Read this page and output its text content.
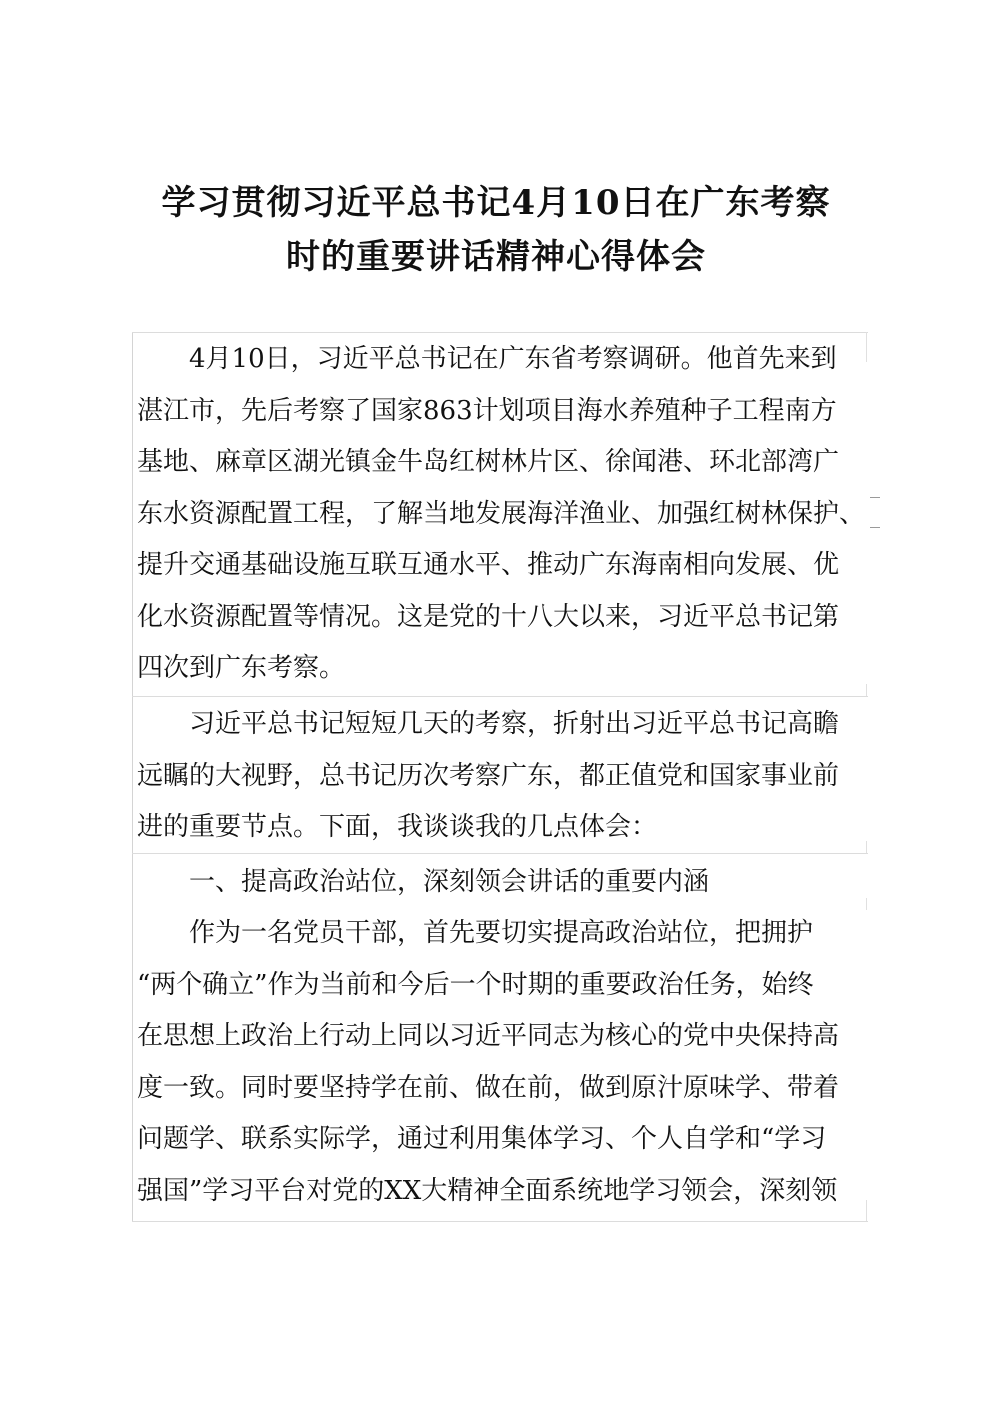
学习贯彻习近平总书记4月10日在广东考察
时的重要讲话精神心得体会
4月10日，习近平总书记在广东省考察调研。他首先来到
湛江市，先后考察了国家863计划项目海水养殖种子工程南方
基地、麻章区湖光镇金牛岛红树林片区、徐闻港、环北部湾广
东水资源配置工程，了解当地发展海洋渔业、加强红树林保护、
提升交通基础设施互联互通水平、推动广东海南相向发展、优
化水资源配置等情况。这是党的十八大以来，习近平总书记第
四次到广东考察。
习近平总书记短短几天的考察，折射出习近平总书记高瞻
远瞩的大视野，总书记历次考察广东，都正值党和国家事业前
进的重要节点。下面，我谈谈我的几点体会：
一、提高政治站位，深刻领会讲话的重要内涵
作为一名党员干部，首先要切实提高政治站位，把拥护
“两个确立”作为当前和今后一个时期的重要政治任务，始终
在思想上政治上行动上同以习近平同志为核心的党中央保持高
度一致。同时要坚持学在前、做在前，做到原汁原味学、带着
问题学、联系实际学，通过利用集体学习、个人自学和“学习
强国”学习平台对党的XX大精神全面系统地学习领会，深刻领
